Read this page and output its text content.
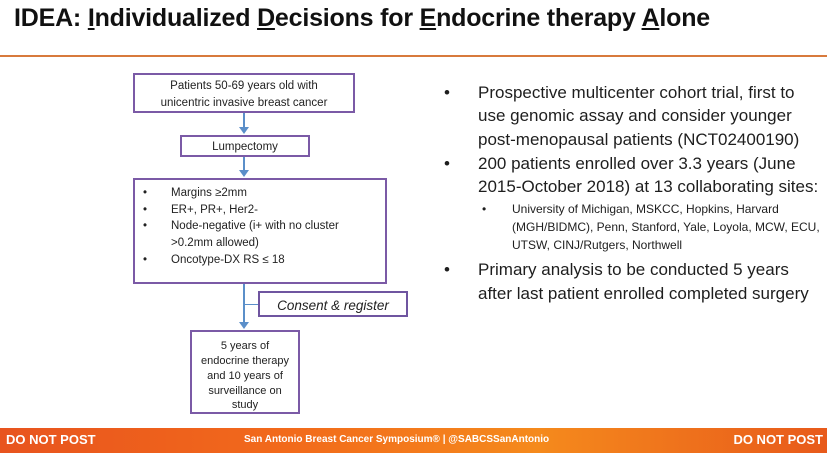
IDEA: Individualized Decisions for Endocrine therapy Alone
Patients 50-69 years old with
unicentric invasive breast cancer
Lumpectomy
•	Margins ≥2mm
•	ER+, PR+, Her2-
•	Node-negative (i+ with no cluster >0.2mm allowed)
•	Oncotype-DX RS ≤ 18
Consent & register
5 years of
endocrine therapy
and 10 years of
surveillance on
study
•	Prospective multicenter cohort trial, first to use genomic assay and consider younger post-menopausal patients (NCT02400190)
•	200 patients enrolled over 3.3 years (June 2015-October 2018) at 13 collaborating sites:
•	University of Michigan, MSKCC, Hopkins, Harvard (MGH/BIDMC), Penn, Stanford, Yale, Loyola, MCW, ECU, UTSW, CINJ/Rutgers, Northwell
•	Primary analysis to be conducted 5 years after last patient enrolled completed surgery
DO NOT POST	San Antonio Breast Cancer Symposium® | @SABCSSanAntonio	DO NOT POST
